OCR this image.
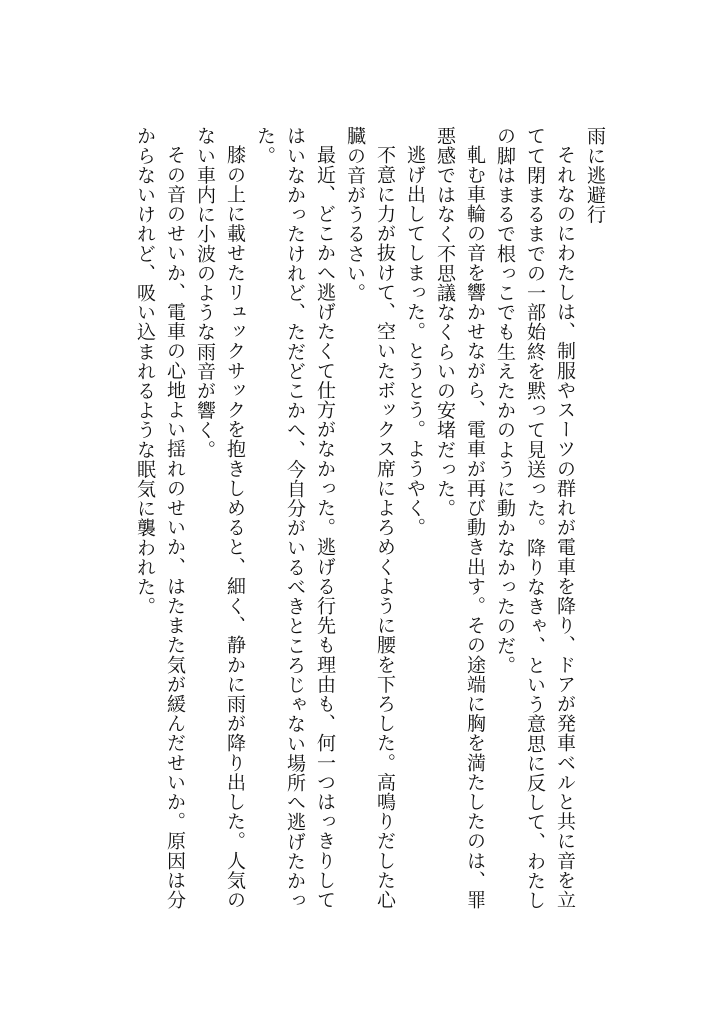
雨に逃避行

それなのにわたしは、制服やスーツの群れが電車を降り、ドアが発車ベルと共に音を立てて閉まるまでの一部始終を黙って見送った。降りなきゃ、という意思に反して、わたしの脚はまるで根っこでも生えたかのように動かなかったのだ。

軋む車輪の音を響かせながら、電車が再び動き出す。その途端に胸を満たしたのは、罪悪感ではなく不思議なくらいの安堵だった。

逃げ出してしまった。とうとう。ようやく。

不意に力が抜けて、空いたボックス席によろめくように腰を下ろした。高鳴りだした心臓の音がうるさい。

最近、どこかへ逃げたくて仕方がなかった。逃げる行先も理由も、何一つはっきりしてはいなかったけれど、ただどこかへ、今自分がいるべきところじゃない場所へ逃げたかった。

膝の上に載せたリュックサックを抱きしめると、細く、静かに雨が降り出した。人気のない車内に小波のような雨音が響く。

その音のせいか、電車の心地よい揺れのせいか、はたまた気が緩んだせいか。原因は分からないけれど、吸い込まれるような眠気に襲われた。
